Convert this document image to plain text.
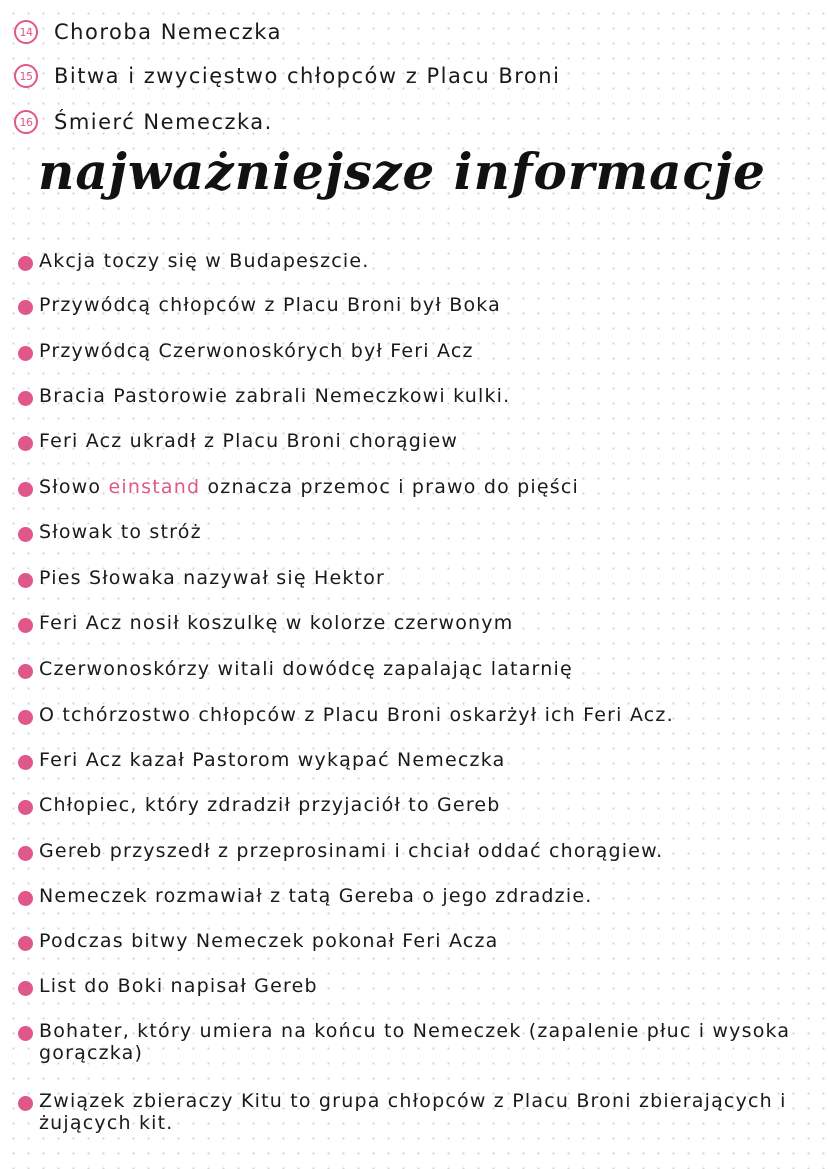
14 Choroba Nemeczka
15 Bitwa i zwycięstwo chłopców z Placu Broni
16 Śmierć Nemeczka.
najważniejsze informacje
Akcja toczy się w Budapeszcie.
Przywódcą chłopców z Placu Broni był Boka
Przywódcą Czerwonoskórych był Feri Acz
Bracia Pastorowie zabrali Nemeczkowi kulki.
Feri Acz ukradł z Placu Broni chorągiew
Słowo einstand oznacza przemoc i prawo do pięści
Słowak to stróż
Pies Słowaka nazywał się Hektor
Feri Acz nosił koszulkę w kolorze czerwonym
Czerwonoskórzy witali dowódcę zapalając latarnię
O tchórzostwo chłopców z Placu Broni oskarżył ich Feri Acz.
Feri Acz kazał Pastorom wykąpać Nemeczka
Chłopiec, który zdradził przyjaciół to Gereb
Gereb przyszedł z przeprosinami i chciał oddać chorągiew.
Nemeczek rozmawiał z tatą Gereba o jego zdradzie.
Podczas bitwy Nemeczek pokonał Feri Acza
List do Boki napisał Gereb
Bohater, który umiera na końcu to Nemeczek (zapalenie płuc i wysoka gorączka)
Związek zbieraczy Kitu to grupa chłopców z Placu Broni zbierających i żujących kit.
